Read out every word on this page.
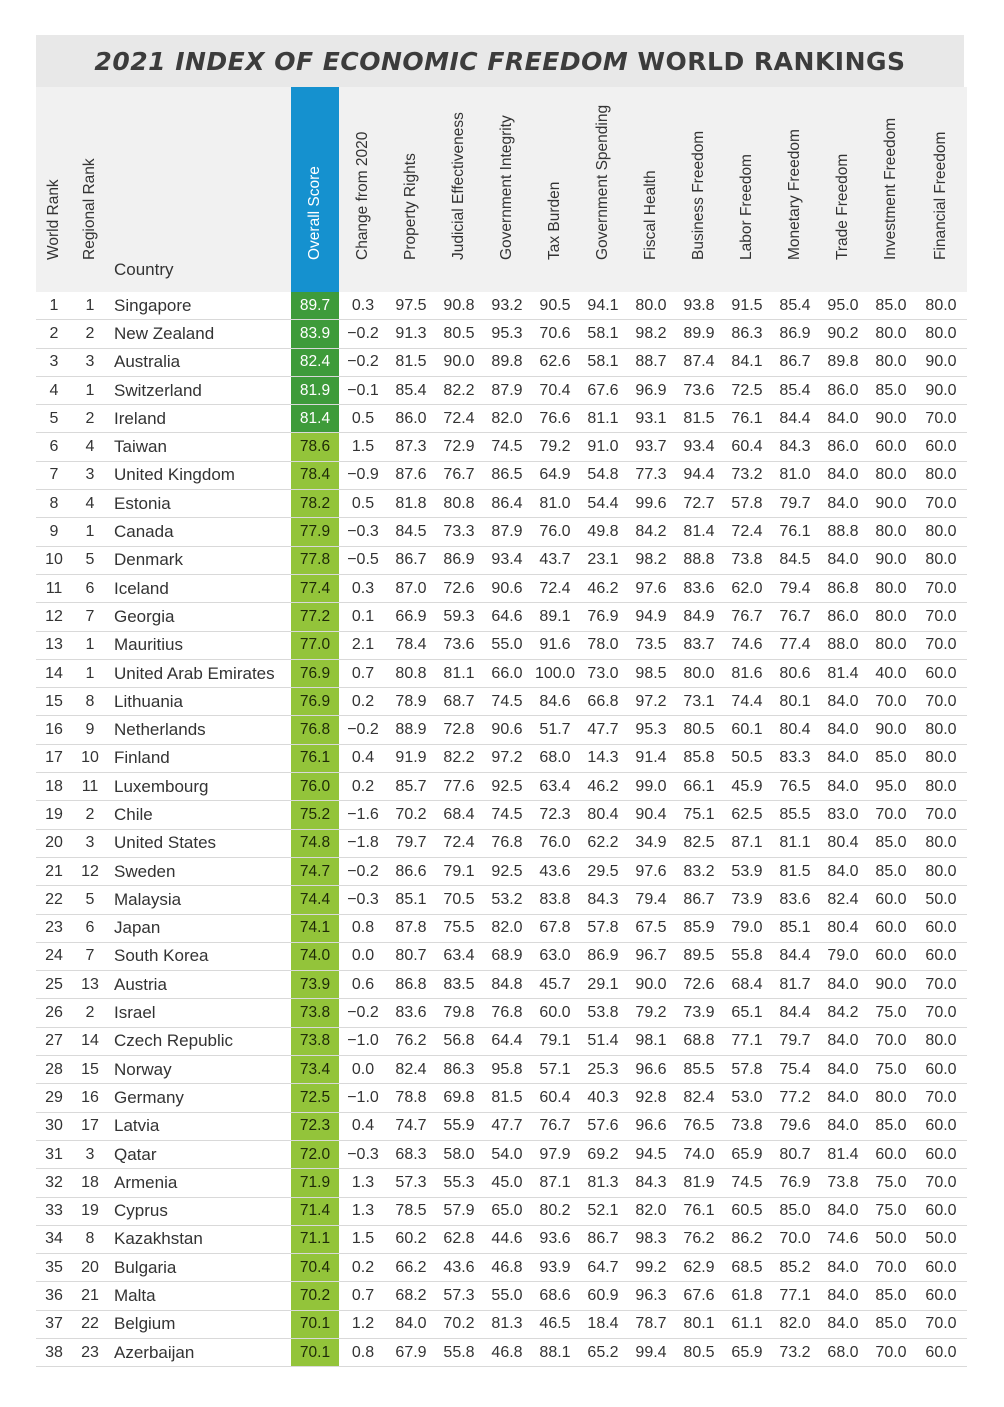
2021 INDEX OF ECONOMIC FREEDOM WORLD RANKINGS
World Rank	Regional Rank	Country	Overall Score	Change from 2020	Property Rights	Judicial Effectiveness	Government Integrity	Tax Burden	Government Spending	Fiscal Health	Business Freedom	Labor Freedom	Monetary Freedom	Trade Freedom	Investment Freedom	Financial Freedom

1	1	Singapore	89.7	0.3	97.5	90.8	93.2	90.5	94.1	80.0	93.8	91.5	85.4	95.0	85.0	80.0
2	2	New Zealand	83.9	−0.2	91.3	80.5	95.3	70.6	58.1	98.2	89.9	86.3	86.9	90.2	80.0	80.0
3	3	Australia	82.4	−0.2	81.5	90.0	89.8	62.6	58.1	88.7	87.4	84.1	86.7	89.8	80.0	90.0
4	1	Switzerland	81.9	−0.1	85.4	82.2	87.9	70.4	67.6	96.9	73.6	72.5	85.4	86.0	85.0	90.0
5	2	Ireland	81.4	0.5	86.0	72.4	82.0	76.6	81.1	93.1	81.5	76.1	84.4	84.0	90.0	70.0
6	4	Taiwan	78.6	1.5	87.3	72.9	74.5	79.2	91.0	93.7	93.4	60.4	84.3	86.0	60.0	60.0
7	3	United Kingdom	78.4	−0.9	87.6	76.7	86.5	64.9	54.8	77.3	94.4	73.2	81.0	84.0	80.0	80.0
8	4	Estonia	78.2	0.5	81.8	80.8	86.4	81.0	54.4	99.6	72.7	57.8	79.7	84.0	90.0	70.0
9	1	Canada	77.9	−0.3	84.5	73.3	87.9	76.0	49.8	84.2	81.4	72.4	76.1	88.8	80.0	80.0
10	5	Denmark	77.8	−0.5	86.7	86.9	93.4	43.7	23.1	98.2	88.8	73.8	84.5	84.0	90.0	80.0
11	6	Iceland	77.4	0.3	87.0	72.6	90.6	72.4	46.2	97.6	83.6	62.0	79.4	86.8	80.0	70.0
12	7	Georgia	77.2	0.1	66.9	59.3	64.6	89.1	76.9	94.9	84.9	76.7	76.7	86.0	80.0	70.0
13	1	Mauritius	77.0	2.1	78.4	73.6	55.0	91.6	78.0	73.5	83.7	74.6	77.4	88.0	80.0	70.0
14	1	United Arab Emirates	76.9	0.7	80.8	81.1	66.0	100.0	73.0	98.5	80.0	81.6	80.6	81.4	40.0	60.0
15	8	Lithuania	76.9	0.2	78.9	68.7	74.5	84.6	66.8	97.2	73.1	74.4	80.1	84.0	70.0	70.0
16	9	Netherlands	76.8	−0.2	88.9	72.8	90.6	51.7	47.7	95.3	80.5	60.1	80.4	84.0	90.0	80.0
17	10	Finland	76.1	0.4	91.9	82.2	97.2	68.0	14.3	91.4	85.8	50.5	83.3	84.0	85.0	80.0
18	11	Luxembourg	76.0	0.2	85.7	77.6	92.5	63.4	46.2	99.0	66.1	45.9	76.5	84.0	95.0	80.0
19	2	Chile	75.2	−1.6	70.2	68.4	74.5	72.3	80.4	90.4	75.1	62.5	85.5	83.0	70.0	70.0
20	3	United States	74.8	−1.8	79.7	72.4	76.8	76.0	62.2	34.9	82.5	87.1	81.1	80.4	85.0	80.0
21	12	Sweden	74.7	−0.2	86.6	79.1	92.5	43.6	29.5	97.6	83.2	53.9	81.5	84.0	85.0	80.0
22	5	Malaysia	74.4	−0.3	85.1	70.5	53.2	83.8	84.3	79.4	86.7	73.9	83.6	82.4	60.0	50.0
23	6	Japan	74.1	0.8	87.8	75.5	82.0	67.8	57.8	67.5	85.9	79.0	85.1	80.4	60.0	60.0
24	7	South Korea	74.0	0.0	80.7	63.4	68.9	63.0	86.9	96.7	89.5	55.8	84.4	79.0	60.0	60.0
25	13	Austria	73.9	0.6	86.8	83.5	84.8	45.7	29.1	90.0	72.6	68.4	81.7	84.0	90.0	70.0
26	2	Israel	73.8	−0.2	83.6	79.8	76.8	60.0	53.8	79.2	73.9	65.1	84.4	84.2	75.0	70.0
27	14	Czech Republic	73.8	−1.0	76.2	56.8	64.4	79.1	51.4	98.1	68.8	77.1	79.7	84.0	70.0	80.0
28	15	Norway	73.4	0.0	82.4	86.3	95.8	57.1	25.3	96.6	85.5	57.8	75.4	84.0	75.0	60.0
29	16	Germany	72.5	−1.0	78.8	69.8	81.5	60.4	40.3	92.8	82.4	53.0	77.2	84.0	80.0	70.0
30	17	Latvia	72.3	0.4	74.7	55.9	47.7	76.7	57.6	96.6	76.5	73.8	79.6	84.0	85.0	60.0
31	3	Qatar	72.0	−0.3	68.3	58.0	54.0	97.9	69.2	94.5	74.0	65.9	80.7	81.4	60.0	60.0
32	18	Armenia	71.9	1.3	57.3	55.3	45.0	87.1	81.3	84.3	81.9	74.5	76.9	73.8	75.0	70.0
33	19	Cyprus	71.4	1.3	78.5	57.9	65.0	80.2	52.1	82.0	76.1	60.5	85.0	84.0	75.0	60.0
34	8	Kazakhstan	71.1	1.5	60.2	62.8	44.6	93.6	86.7	98.3	76.2	86.2	70.0	74.6	50.0	50.0
35	20	Bulgaria	70.4	0.2	66.2	43.6	46.8	93.9	64.7	99.2	62.9	68.5	85.2	84.0	70.0	60.0
36	21	Malta	70.2	0.7	68.2	57.3	55.0	68.6	60.9	96.3	67.6	61.8	77.1	84.0	85.0	60.0
37	22	Belgium	70.1	1.2	84.0	70.2	81.3	46.5	18.4	78.7	80.1	61.1	82.0	84.0	85.0	70.0
38	23	Azerbaijan	70.1	0.8	67.9	55.8	46.8	88.1	65.2	99.4	80.5	65.9	73.2	68.0	70.0	60.0
